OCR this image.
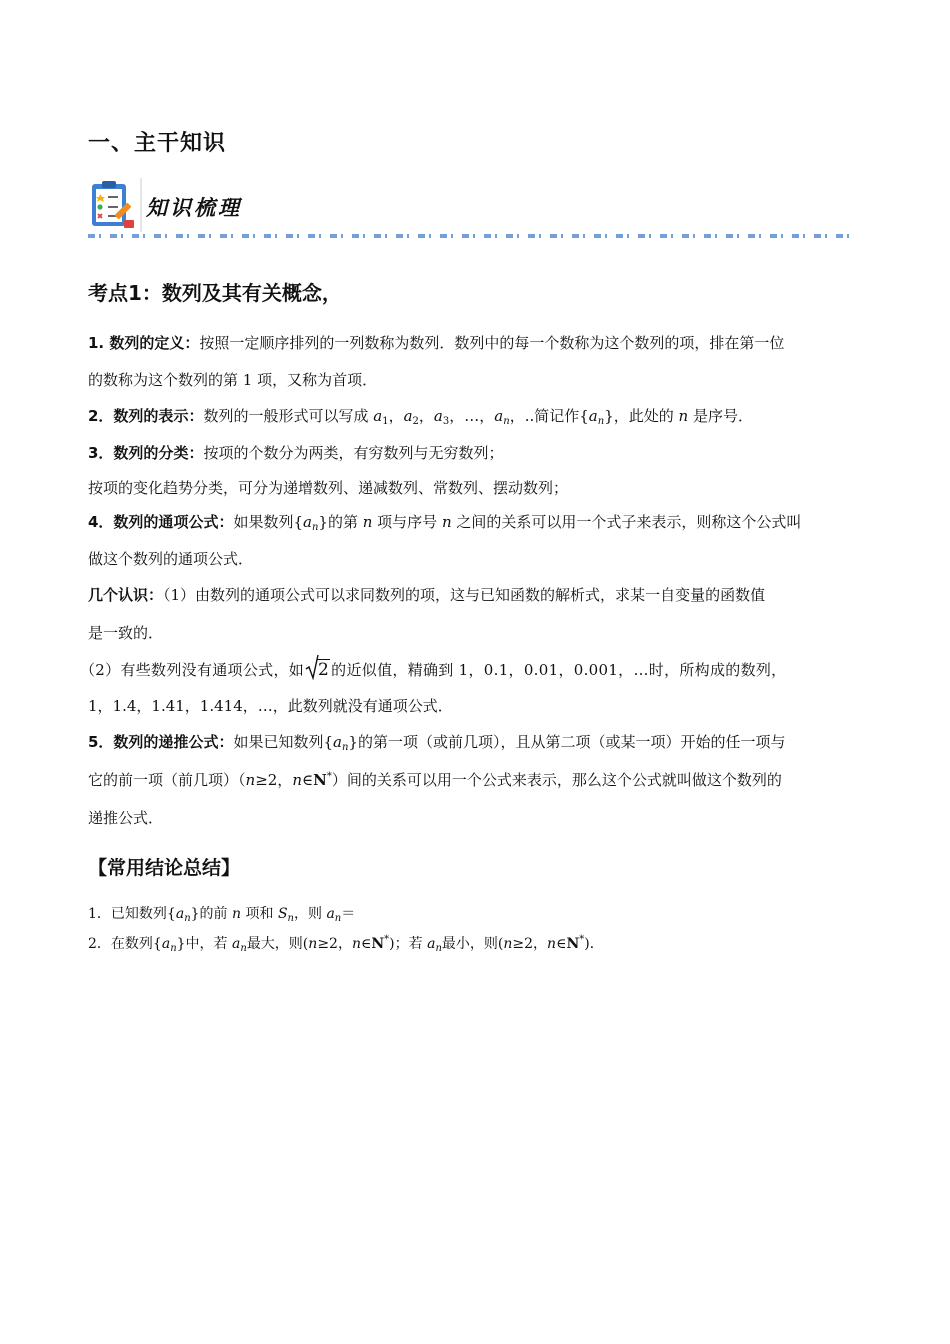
一、主干知识
知识梳理
考点1：数列及其有关概念，
1. 数列的定义：按照一定顺序排列的一列数称为数列．数列中的每一个数称为这个数列的项，排在第一位
的数称为这个数列的第 1 项，又称为首项．
2．数列的表示：数列的一般形式可以写成 $a_1$，$a_2$，$a_3$，…，$a_n$，..简记作$\{a_n\}$，此处的 n 是序号．
3．数列的分类：按项的个数分为两类，有穷数列与无穷数列；
按项的变化趋势分类，可分为递增数列、递减数列、常数列、摆动数列；
4．数列的通项公式：如果数列$\{a_n\}$的第 n 项与序号 n 之间的关系可以用一个式子来表示，则称这个公式叫
做这个数列的通项公式．
几个认识：（1）由数列的通项公式可以求同数列的项，这与已知函数的解析式，求某一自变量的函数值
是一致的．
（2）有些数列没有通项公式，如 2 的近似值，精确到 1，0.1，0.01，0.001，…时，所构成的数列，
1，1.4，1.41，1.414，…，此数列就没有通项公式．
5．数列的递推公式：如果已知数列$\{a_n\}$的第一项（或前几项），且从第二项（或某一项）开始的任一项与
它的前一项（前几项）（n≥2，n∈N*）间的关系可以用一个公式来表示，那么这个公式就叫做这个数列的
递推公式．
【常用结论总结】
1．已知数列$\{a_n\}$的前 n 项和 $S_n$，则 $a_n=$
2．在数列$\{a_n\}$中，若 $a_n$最大，则(n≥2，n∈N*)；若 $a_n$最小，则(n≥2，n∈N*)．
